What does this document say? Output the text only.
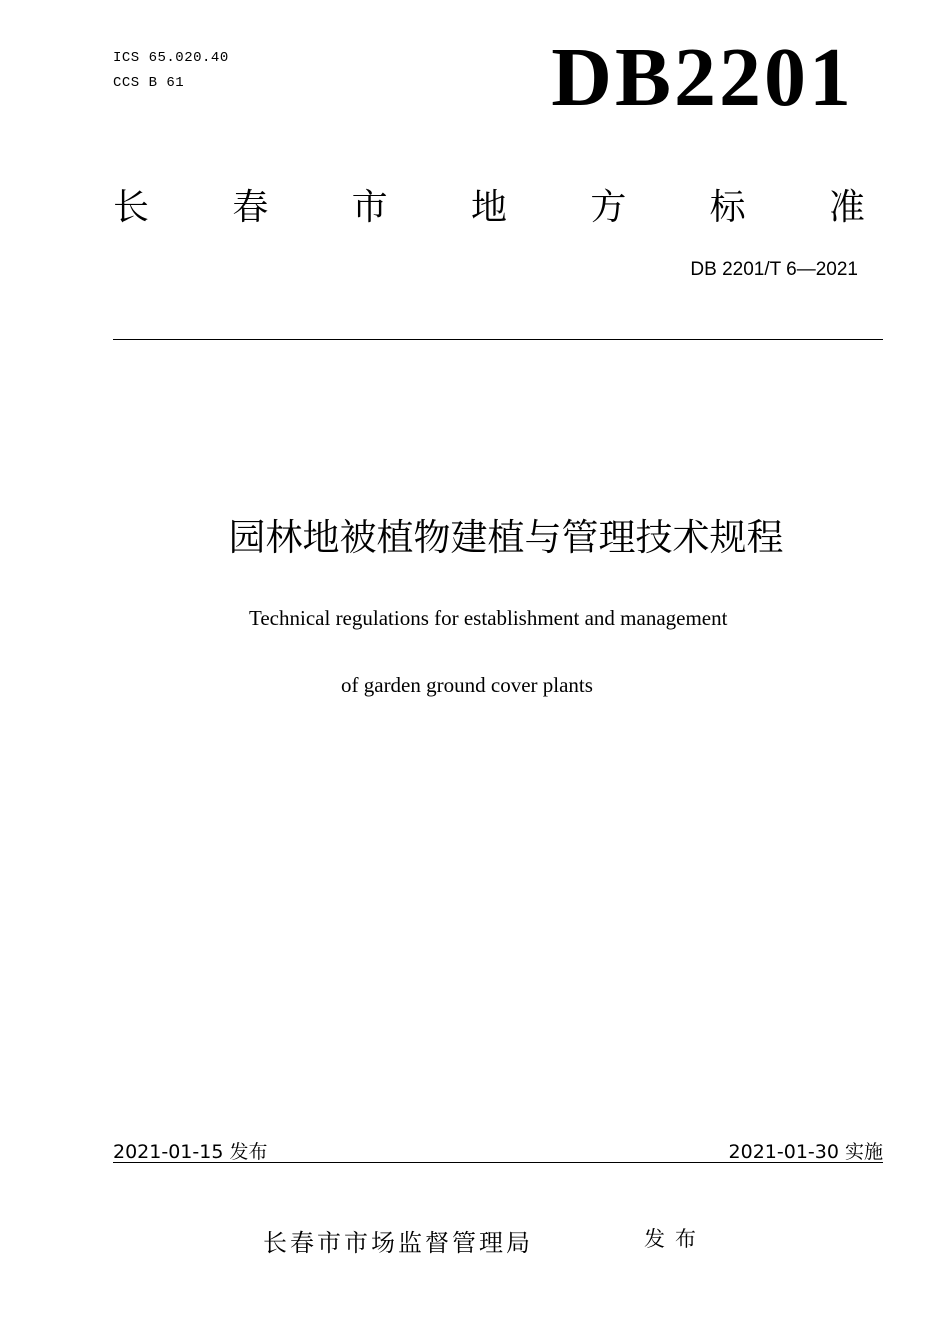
ICS 65.020.40
CCS B 61	DB2201
长 春 市 地 方 标 准
DB 2201/T 6—2021
园林地被植物建植与管理技术规程
Technical regulations for establishment and management
of garden ground cover plants
2021-01-15 发布	2021-01-30 实施
长春市市场监督管理局	发布
